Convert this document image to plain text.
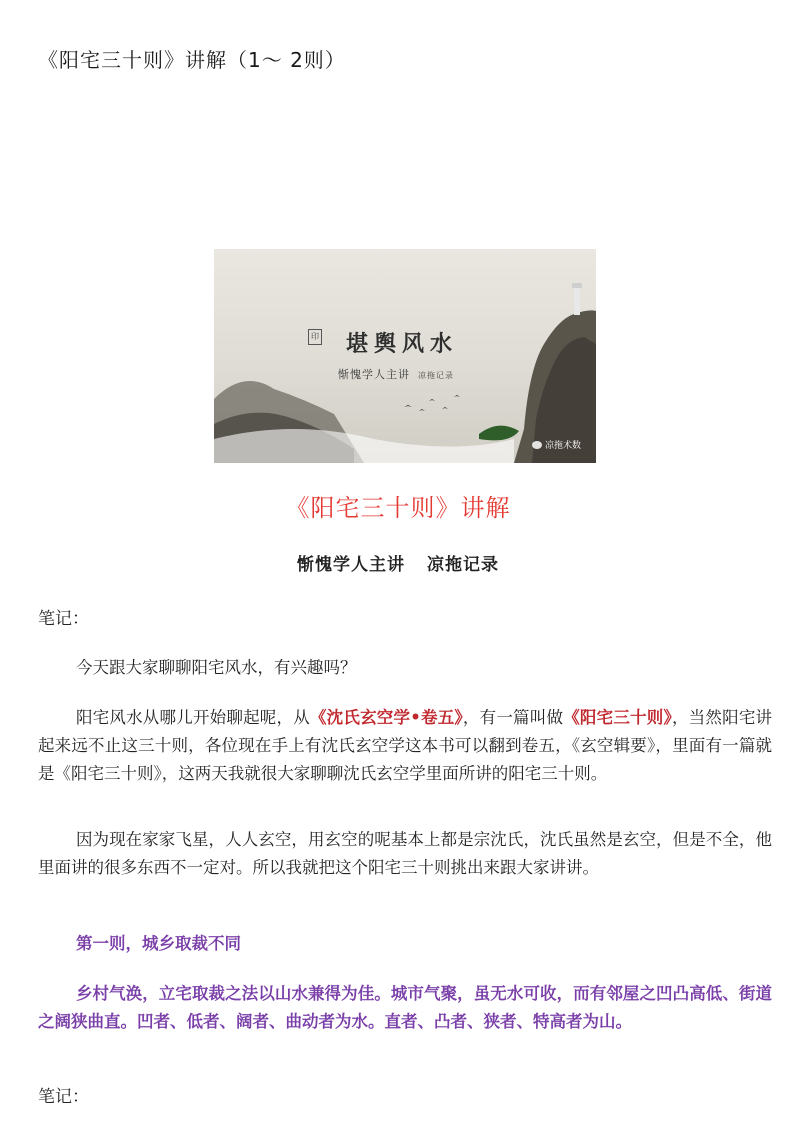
《阳宅三十则》讲解（1～ 2则）
印 堪舆风水
惭愧学人主讲 凉拖记录
凉拖术数
《阳宅三十则》讲解
惭愧学人主讲 凉拖记录
笔记：

今天跟大家聊聊阳宅风水，有兴趣吗？

阳宅风水从哪儿开始聊起呢，从《沈氏玄空学•卷五》，有一篇叫做《阳宅三十则》，当然阳宅讲起来远不止这三十则，各位现在手上有沈氏玄空学这本书可以翻到卷五，《玄空辑要》，里面有一篇就是《阳宅三十则》，这两天我就很大家聊聊沈氏玄空学里面所讲的阳宅三十则。

因为现在家家飞星，人人玄空，用玄空的呢基本上都是宗沈氏，沈氏虽然是玄空，但是不全，他里面讲的很多东西不一定对。所以我就把这个阳宅三十则挑出来跟大家讲讲。

第一则，城乡取裁不同

乡村气涣，立宅取裁之法以山水兼得为佳。城市气聚，虽无水可收，而有邻屋之凹凸高低、街道之阔狭曲直。凹者、低者、阔者、曲动者为水。直者、凸者、狭者、特高者为山。

笔记：
